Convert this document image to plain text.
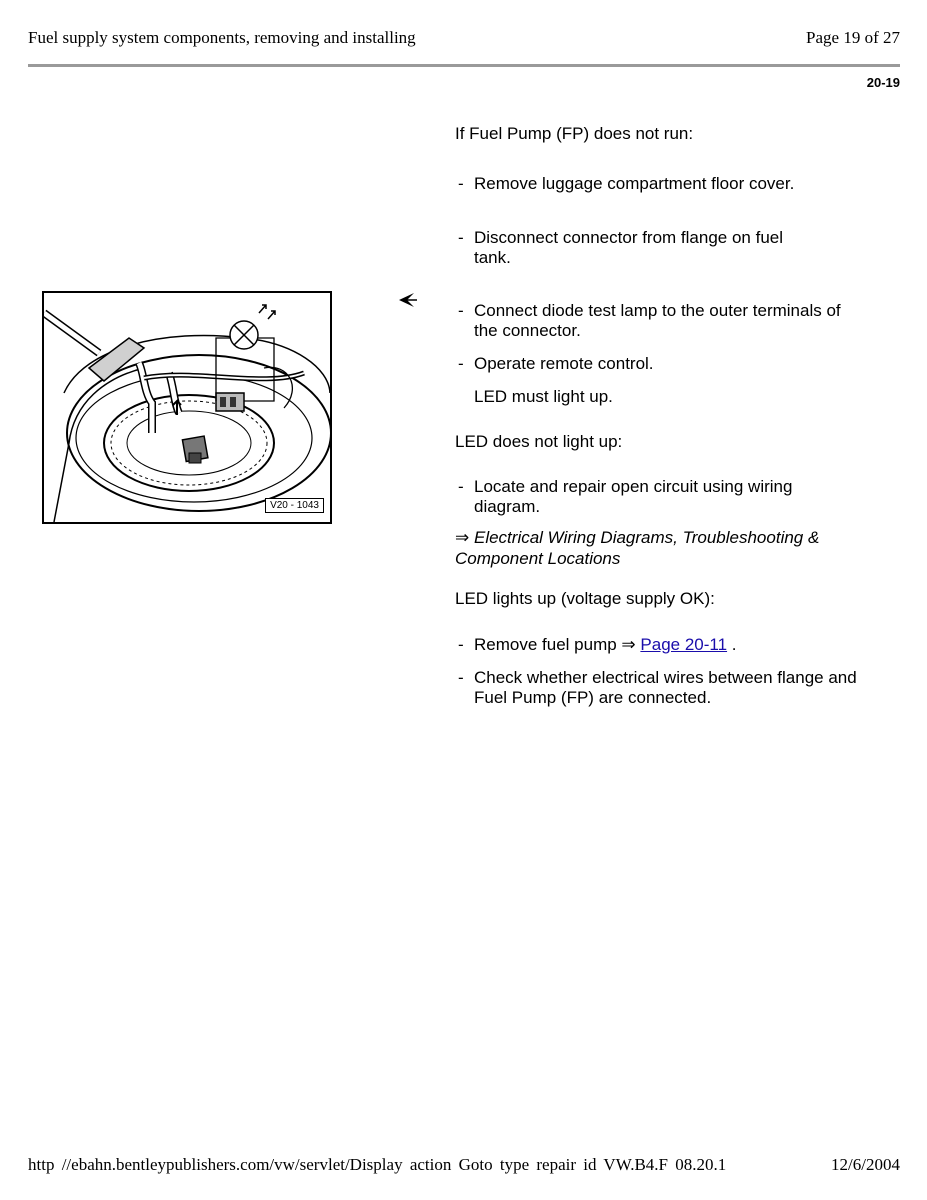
Fuel supply system components, removing and installing	Page 19 of 27
20-19
V20 - 1043
If Fuel Pump (FP) does not run:
- Remove luggage compartment floor cover.
- Disconnect connector from flange on fuel
tank.
- Connect diode test lamp to the outer terminals of
the connector.
- Operate remote control.
LED must light up.
LED does not light up:
- Locate and repair open circuit using wiring
diagram.
⇒ Electrical Wiring Diagrams, Troubleshooting &
Component Locations
LED lights up (voltage supply OK):
- Remove fuel pump ⇒ Page 20-11 .
- Check whether electrical wires between flange and
Fuel Pump (FP) are connected.
http //ebahn.bentleypublishers.com/vw/servlet/Display action Goto type repair id VW.B4.F 08.20.1	12/6/2004
